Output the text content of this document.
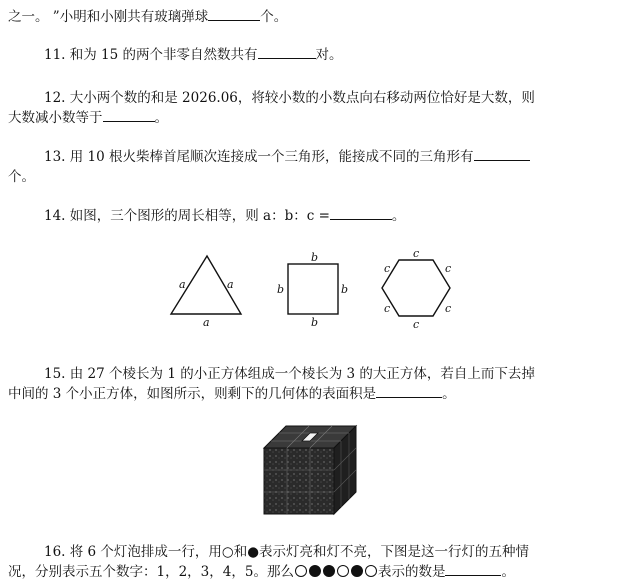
之一。 ”小明和小刚共有玻璃弹球	个。
11. 和为 15 的两个非零自然数共有	对。
12. 大小两个数的和是 2026.06，将较小数的小数点向右移动两位恰好是大数，则
大数减小数等于	。
13. 用 10 根火柴棒首尾顺次连接成一个三角形，能接成不同的三角形有
个。
14. 如图，三个图形的周长相等，则 a：b：c =	。
a	a
a
b
b	b
b
c
c	c
c	c
c
15. 由 27 个棱长为 1 的小正方体组成一个棱长为 3 的大正方体，若自上而下去掉
中间的 3 个小正方体，如图所示，则剩下的几何体的表面积是	。
16. 将 6 个灯泡排成一行，用○和●表示灯亮和灯不亮，下图是这一行灯的五种情
况，分别表示五个数字：1，2，3，4，5。那么	表示的数是	。
